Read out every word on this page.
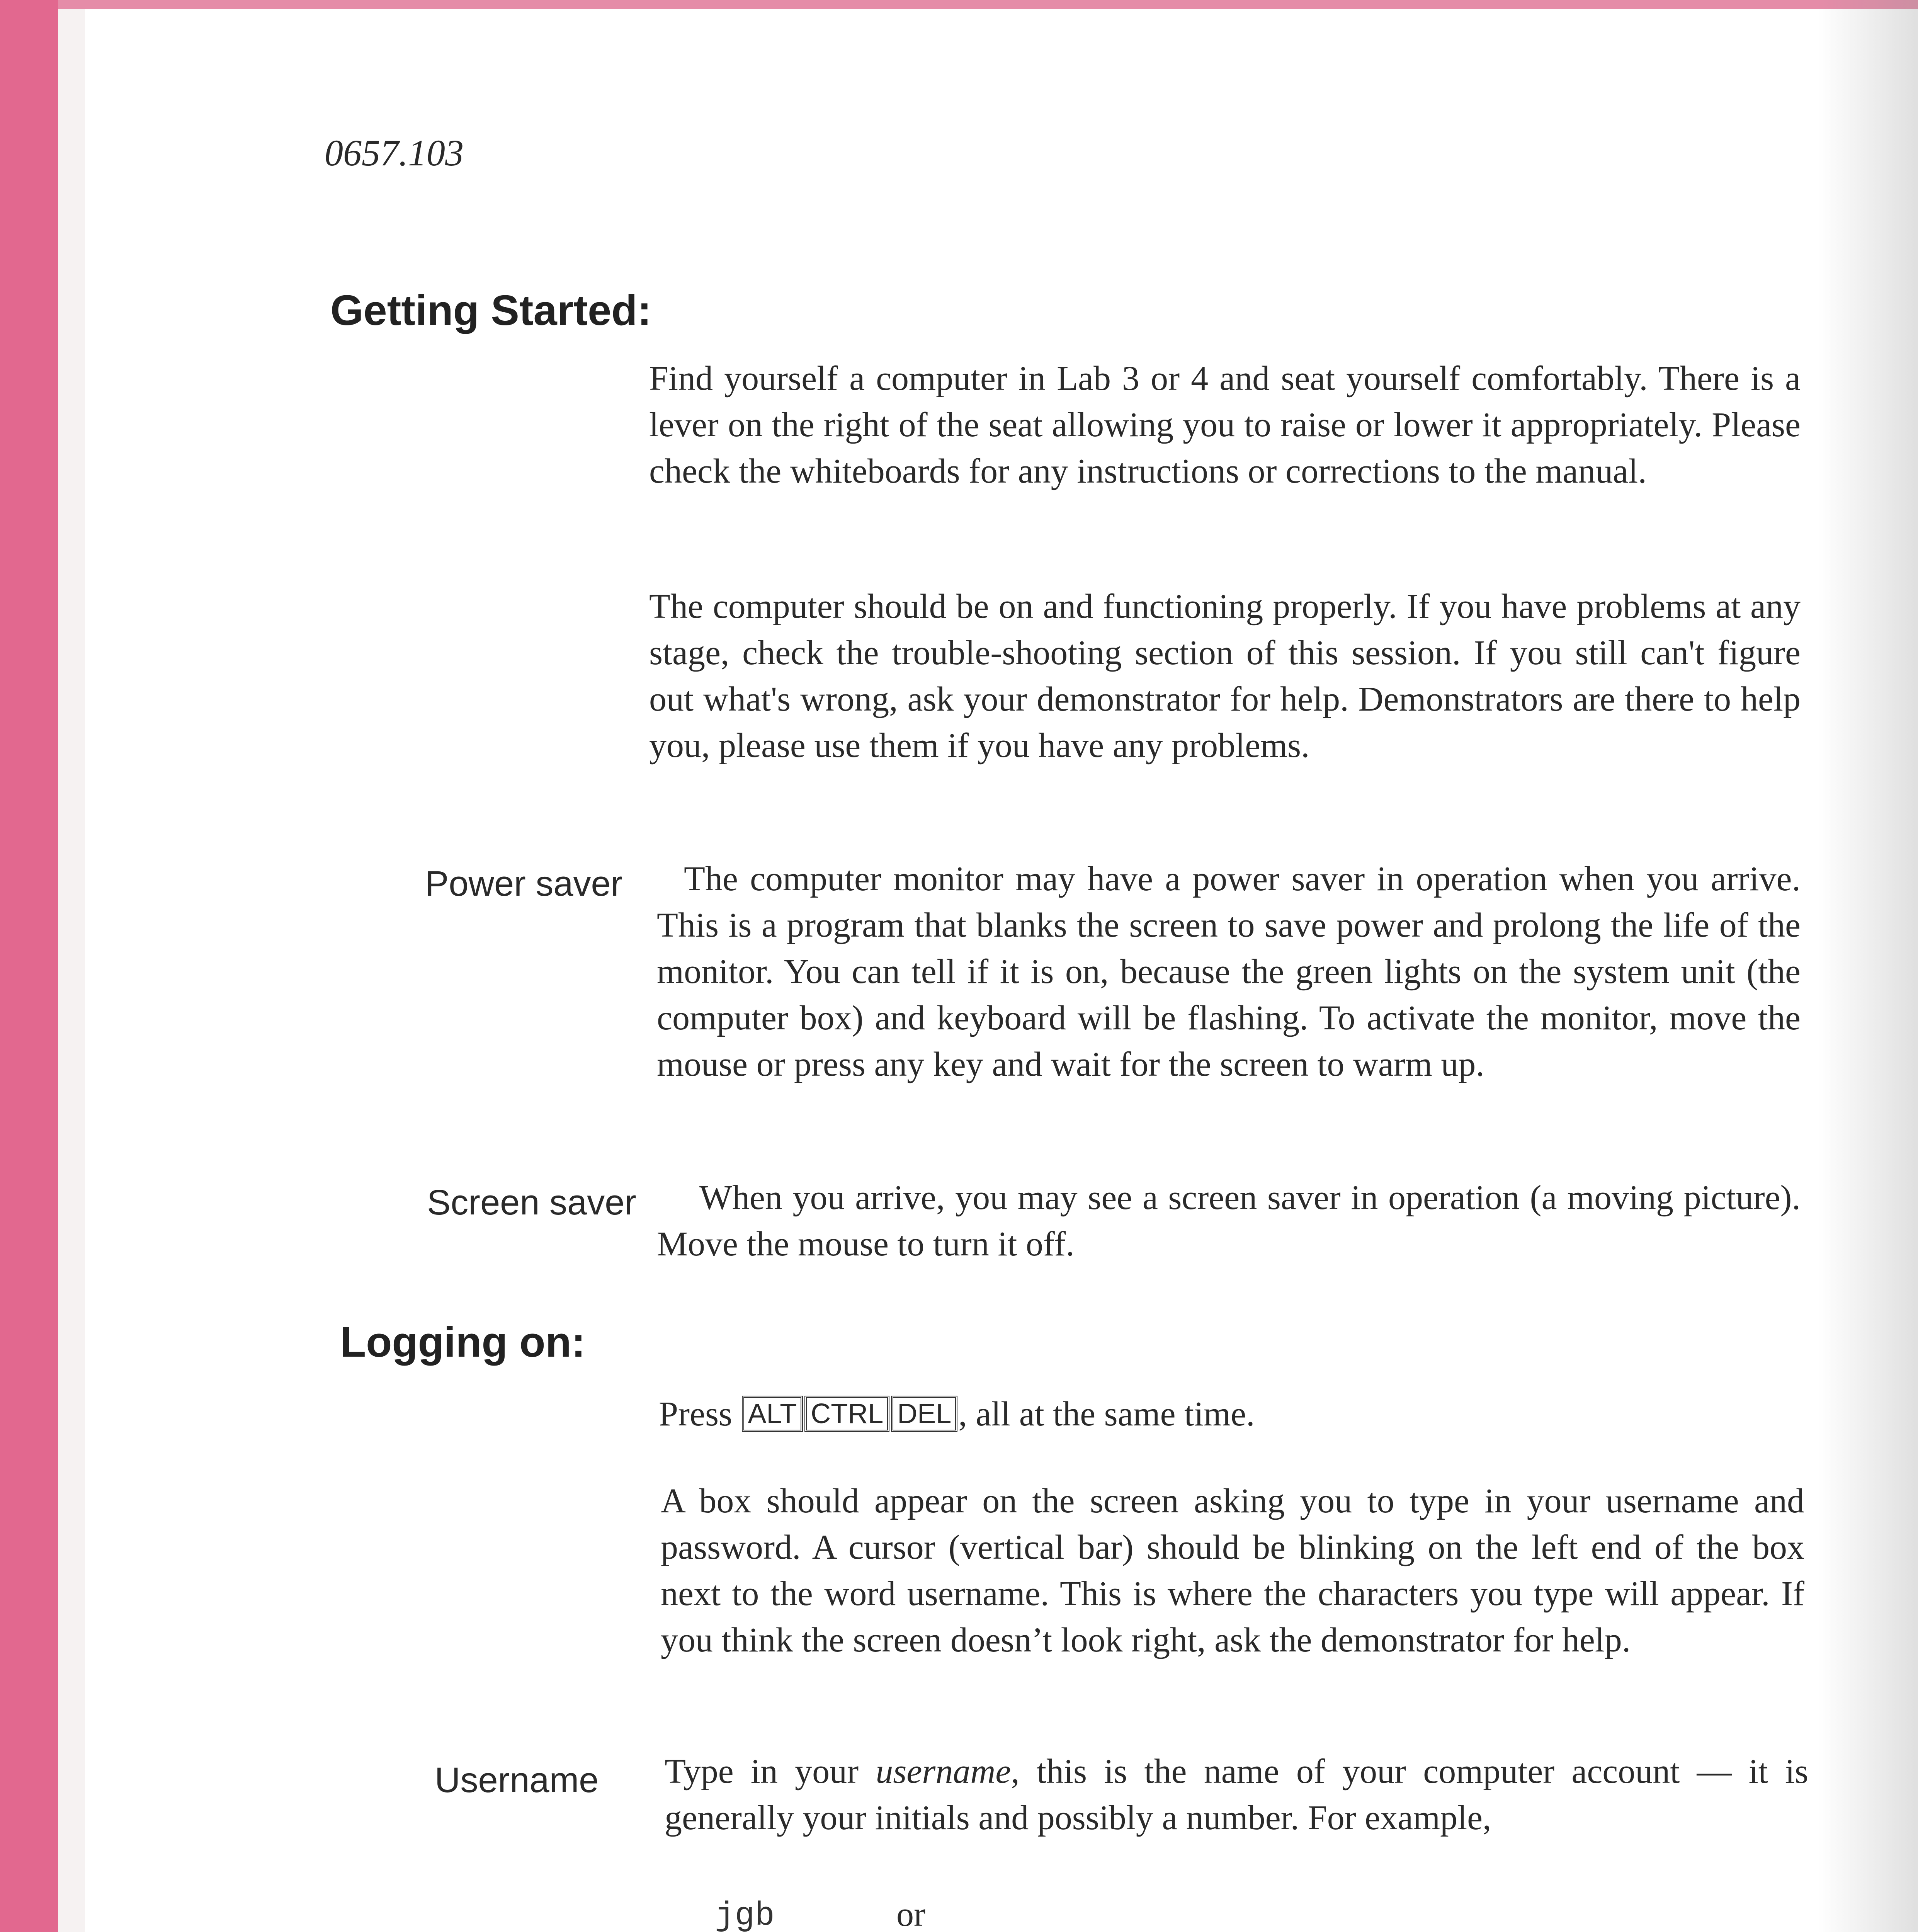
0657.103

Getting Started:

Find yourself a computer in Lab 3 or 4 and seat yourself comfortably. There is a lever on the right of the seat allowing you to raise or lower it appropriately. Please check the whiteboards for any instructions or corrections to the manual.

The computer should be on and functioning properly. If you have problems at any stage, check the trouble-shooting section of this session. If you still can't figure out what's wrong, ask your demonstrator for help. Demonstrators are there to help you, please use them if you have any problems.

Power saver	The computer monitor may have a power saver in operation when you arrive. This is a program that blanks the screen to save power and prolong the life of the monitor. You can tell if it is on, because the green lights on the system unit (the computer box) and keyboard will be flashing. To activate the monitor, move the mouse or press any key and wait for the screen to warm up.

Screen saver	When you arrive, you may see a screen saver in operation (a moving picture). Move the mouse to turn it off.

Logging on:

Press ALT CTRL DEL , all at the same time.

A box should appear on the screen asking you to type in your username and password. A cursor (vertical bar) should be blinking on the left end of the box next to the word username. This is where the characters you type will appear. If you think the screen doesn’t look right, ask the demonstrator for help.

Username Type in your username, this is the name of your computer account — it is generally your initials and possibly a number. For example,

jgb	or
